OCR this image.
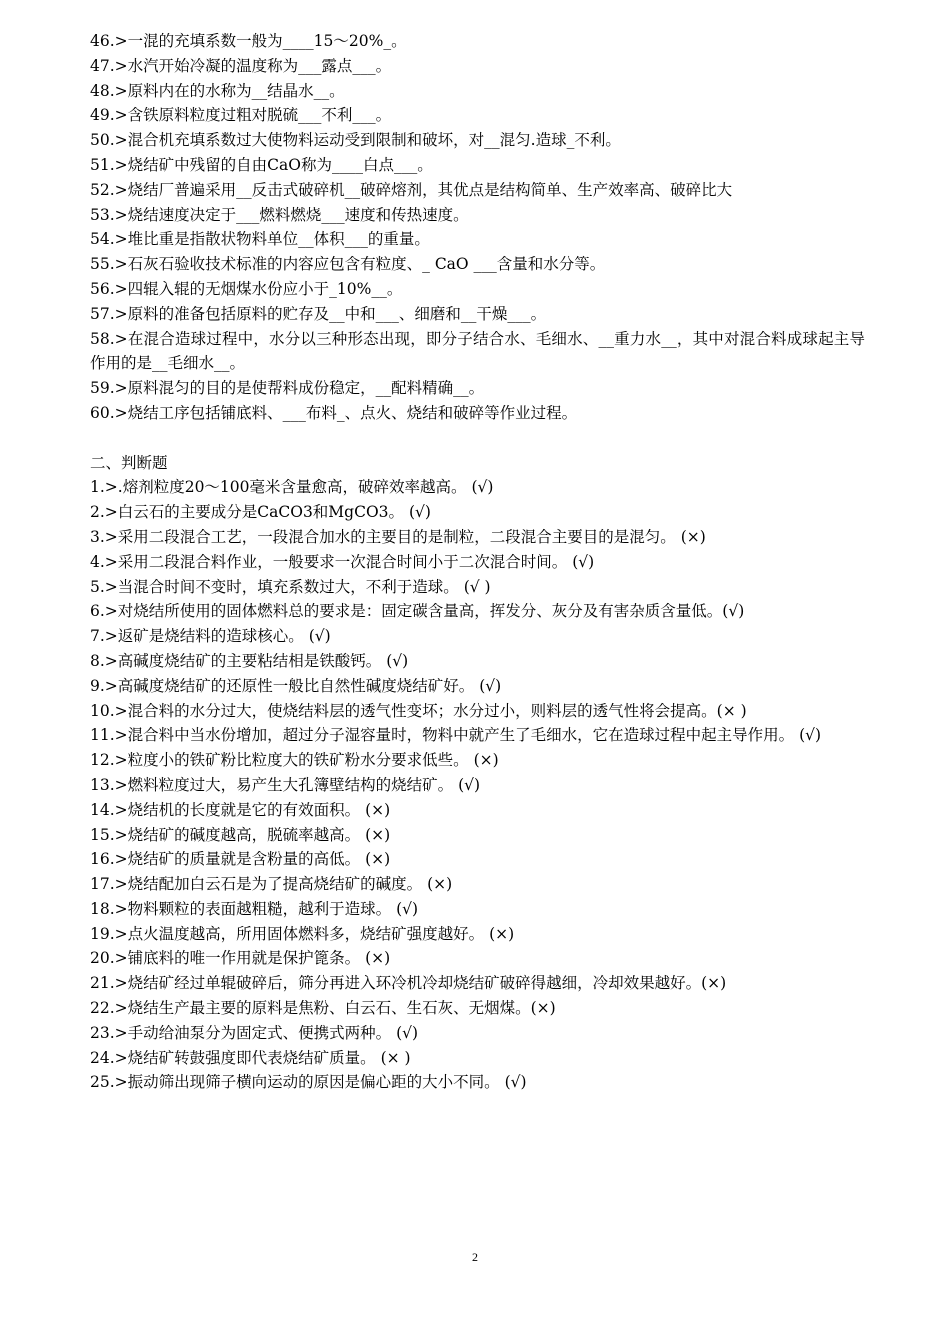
46.>一混的充填系数一般为____15～20%_。
47.>水汽开始冷凝的温度称为___露点___。
48.>原料内在的水称为__结晶水__。
49.>含铁原料粒度过粗对脱硫___不利___。
50.>混合机充填系数过大使物料运动受到限制和破坏，对__混匀.造球_不利。
51.>烧结矿中残留的自由CaO称为____白点___。
52.>烧结厂普遍采用__反击式破碎机__破碎熔剂，其优点是结构简单、生产效率高、破碎比大
53.>烧结速度决定于___燃料燃烧___速度和传热速度。
54.>堆比重是指散状物料单位__体积___的重量。
55.>石灰石验收技术标准的内容应包含有粒度、_ CaO ___含量和水分等。
56.>四辊入辊的无烟煤水份应小于_10%__。
57.>原料的准备包括原料的贮存及__中和___、细磨和__干燥___。
58.>在混合造球过程中，水分以三种形态出现，即分子结合水、毛细水、__重力水__，其中对混合料成球起主导作用的是__毛细水__。
59.>原料混匀的目的是使帮料成份稳定，__配料精确__。
60.>烧结工序包括铺底料、___布料_、点火、烧结和破碎等作业过程。
二、判断题
1.>.熔剂粒度20～100毫米含量愈高，破碎效率越高。 (√)
2.>白云石的主要成分是CaCO3和MgCO3。 (√)
3.>采用二段混合工艺，一段混合加水的主要目的是制粒，二段混合主要目的是混匀。 (×)
4.>采用二段混合料作业，一般要求一次混合时间小于二次混合时间。 (√)
5.>当混合时间不变时，填充系数过大，不利于造球。 (√ )
6.>对烧结所使用的固体燃料总的要求是：固定碳含量高，挥发分、灰分及有害杂质含量低。(√)
7.>返矿是烧结料的造球核心。 (√)
8.>高碱度烧结矿的主要粘结相是铁酸钙。 (√)
9.>高碱度烧结矿的还原性一般比自然性碱度烧结矿好。 (√)
10.>混合料的水分过大，使烧结料层的透气性变坏；水分过小，则料层的透气性将会提高。(× )
11.>混合料中当水份增加，超过分子湿容量时，物料中就产生了毛细水，它在造球过程中起主导作用。 (√)
12.>粒度小的铁矿粉比粒度大的铁矿粉水分要求低些。 (×)
13.>燃料粒度过大，易产生大孔簿壁结构的烧结矿。 (√)
14.>烧结机的长度就是它的有效面积。 (×)
15.>烧结矿的碱度越高，脱硫率越高。 (×)
16.>烧结矿的质量就是含粉量的高低。 (×)
17.>烧结配加白云石是为了提高烧结矿的碱度。 (×)
18.>物料颗粒的表面越粗糙，越利于造球。 (√)
19.>点火温度越高，所用固体燃料多，烧结矿强度越好。 (×)
20.>铺底料的唯一作用就是保护篦条。 (×)
21.>烧结矿经过单辊破碎后，筛分再进入环冷机冷却烧结矿破碎得越细，冷却效果越好。(×)
22.>烧结生产最主要的原料是焦粉、白云石、生石灰、无烟煤。(×)
23.>手动给油泵分为固定式、便携式两种。 (√)
24.>烧结矿转鼓强度即代表烧结矿质量。 (× )
25.>振动筛出现筛子横向运动的原因是偏心距的大小不同。 (√)
2
